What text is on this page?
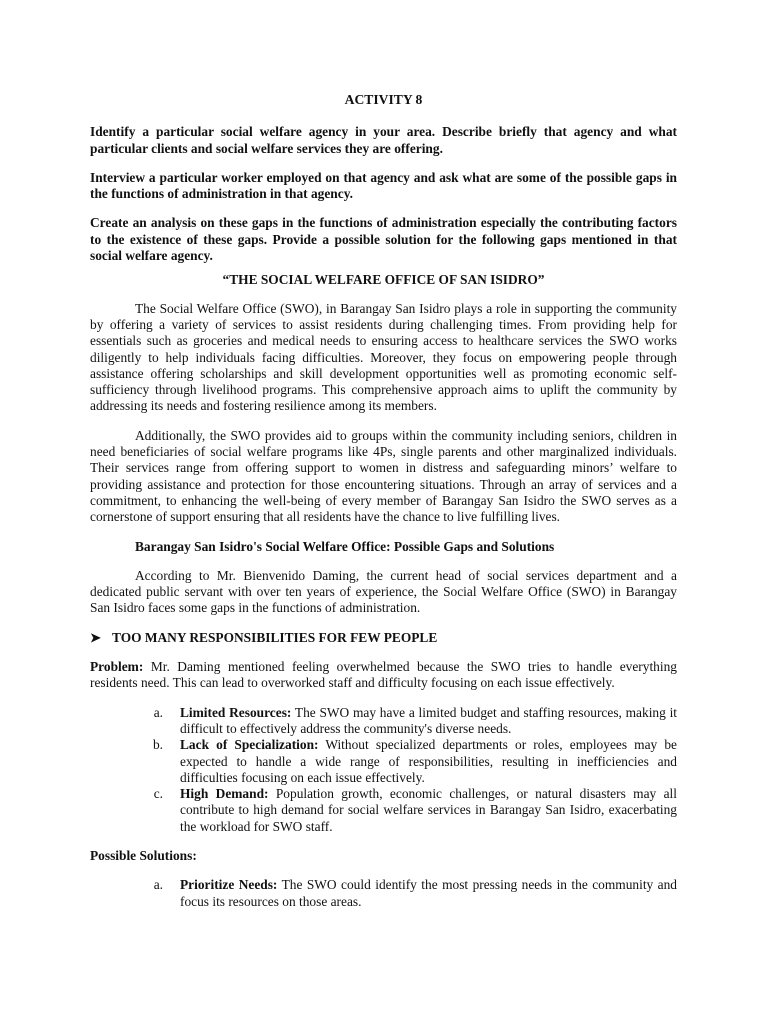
ACTIVITY 8

Identify a particular social welfare agency in your area. Describe briefly that agency and what particular clients and social welfare services they are offering.

Interview a particular worker employed on that agency and ask what are some of the possible gaps in the functions of administration in that agency.

Create an analysis on these gaps in the functions of administration especially the contributing factors to the existence of these gaps. Provide a possible solution for the following gaps mentioned in that social welfare agency.

“THE SOCIAL WELFARE OFFICE OF SAN ISIDRO”

The Social Welfare Office (SWO), in Barangay San Isidro plays a role in supporting the community by offering a variety of services to assist residents during challenging times. From providing help for essentials such as groceries and medical needs to ensuring access to healthcare services the SWO works diligently to help individuals facing difficulties. Moreover, they focus on empowering people through assistance offering scholarships and skill development opportunities well as promoting economic self-sufficiency through livelihood programs. This comprehensive approach aims to uplift the community by addressing its needs and fostering resilience among its members.

Additionally, the SWO provides aid to groups within the community including seniors, children in need beneficiaries of social welfare programs like 4Ps, single parents and other marginalized individuals. Their services range from offering support to women in distress and safeguarding minors’ welfare to providing assistance and protection for those encountering situations. Through an array of services and a commitment, to enhancing the well-being of every member of Barangay San Isidro the SWO serves as a cornerstone of support ensuring that all residents have the chance to live fulfilling lives.

Barangay San Isidro's Social Welfare Office: Possible Gaps and Solutions

According to Mr. Bienvenido Daming, the current head of social services department and a dedicated public servant with over ten years of experience, the Social Welfare Office (SWO) in Barangay San Isidro faces some gaps in the functions of administration.

➤ TOO MANY RESPONSIBILITIES FOR FEW PEOPLE

Problem: Mr. Daming mentioned feeling overwhelmed because the SWO tries to handle everything residents need. This can lead to overworked staff and difficulty focusing on each issue effectively.

a.	Limited Resources: The SWO may have a limited budget and staffing resources, making it difficult to effectively address the community's diverse needs.
b.	Lack of Specialization: Without specialized departments or roles, employees may be expected to handle a wide range of responsibilities, resulting in inefficiencies and difficulties focusing on each issue effectively.
c.	High Demand: Population growth, economic challenges, or natural disasters may all contribute to high demand for social welfare services in Barangay San Isidro, exacerbating the workload for SWO staff.
Possible Solutions:
a.	Prioritize Needs: The SWO could identify the most pressing needs in the community and focus its resources on those areas.
